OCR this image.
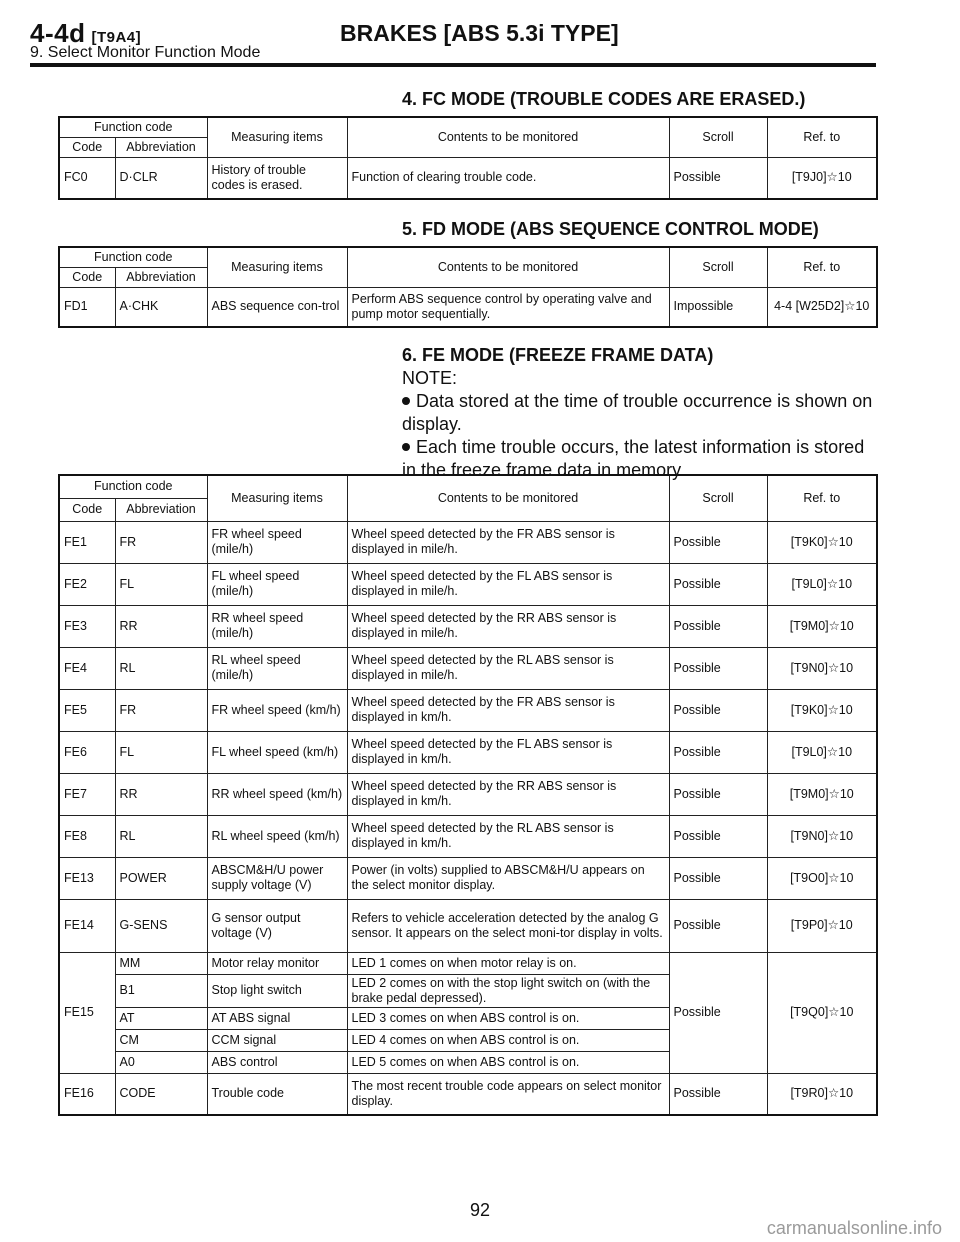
4-4d [T9A4]	BRAKES [ABS 5.3i TYPE]
9. Select Monitor Function Mode
4. FC MODE (TROUBLE CODES ARE ERASED.)
Function code		Measuring items	Contents to be monitored	Scroll	Ref. to
Code	Abbreviation				
FC0	D·CLR	History of trouble codes is erased.	Function of clearing trouble code.	Possible	[T9J0]☆10
5. FD MODE (ABS SEQUENCE CONTROL MODE)
Function code		Measuring items	Contents to be monitored	Scroll	Ref. to
Code	Abbreviation				
FD1	A·CHK	ABS sequence con-trol	Perform ABS sequence control by operating valve and pump motor sequentially.	Impossible	4-4 [W25D2]☆10
6. FE MODE (FREEZE FRAME DATA)

NOTE:

Data stored at the time of trouble occurrence is shown on display.

Each time trouble occurs, the latest information is stored in the freeze frame data in memory.

Function code		Measuring items	Contents to be monitored	Scroll	Ref. to
Code	Abbreviation				
FE1	FR	FR wheel speed (mile/h)	Wheel speed detected by the FR ABS sensor is displayed in mile/h.	Possible	[T9K0]☆10
FE2	FL	FL wheel speed (mile/h)	Wheel speed detected by the FL ABS sensor is displayed in mile/h.	Possible	[T9L0]☆10
FE3	RR	RR wheel speed (mile/h)	Wheel speed detected by the RR ABS sensor is displayed in mile/h.	Possible	[T9M0]☆10
FE4	RL	RL wheel speed (mile/h)	Wheel speed detected by the RL ABS sensor is displayed in mile/h.	Possible	[T9N0]☆10
FE5	FR	FR wheel speed (km/h)	Wheel speed detected by the FR ABS sensor is displayed in km/h.	Possible	[T9K0]☆10
FE6	FL	FL wheel speed (km/h)	Wheel speed detected by the FL ABS sensor is displayed in km/h.	Possible	[T9L0]☆10
FE7	RR	RR wheel speed (km/h)	Wheel speed detected by the RR ABS sensor is displayed in km/h.	Possible	[T9M0]☆10
FE8	RL	RL wheel speed (km/h)	Wheel speed detected by the RL ABS sensor is displayed in km/h.	Possible	[T9N0]☆10
FE13	POWER	ABSCM&H/U power supply voltage (V)	Power (in volts) supplied to ABSCM&H/U appears on the select monitor display.	Possible	[T9O0]☆10
FE14	G-SENS	G sensor output voltage (V)	Refers to vehicle acceleration detected by the analog G sensor. It appears on the select moni-tor display in volts.	Possible	[T9P0]☆10
FE15	MM	Motor relay monitor	LED 1 comes on when motor relay is on.	Possible	[T9Q0]☆10
	B1	Stop light switch	LED 2 comes on with the stop light switch on (with the brake pedal depressed).		
	AT	AT ABS signal	LED 3 comes on when ABS control is on.		
	CM	CCM signal	LED 4 comes on when ABS control is on.		
	A0	ABS control	LED 5 comes on when ABS control is on.		
FE16	CODE	Trouble code	The most recent trouble code appears on select monitor display.	Possible	[T9R0]☆10
92
carmanualsonline.info
